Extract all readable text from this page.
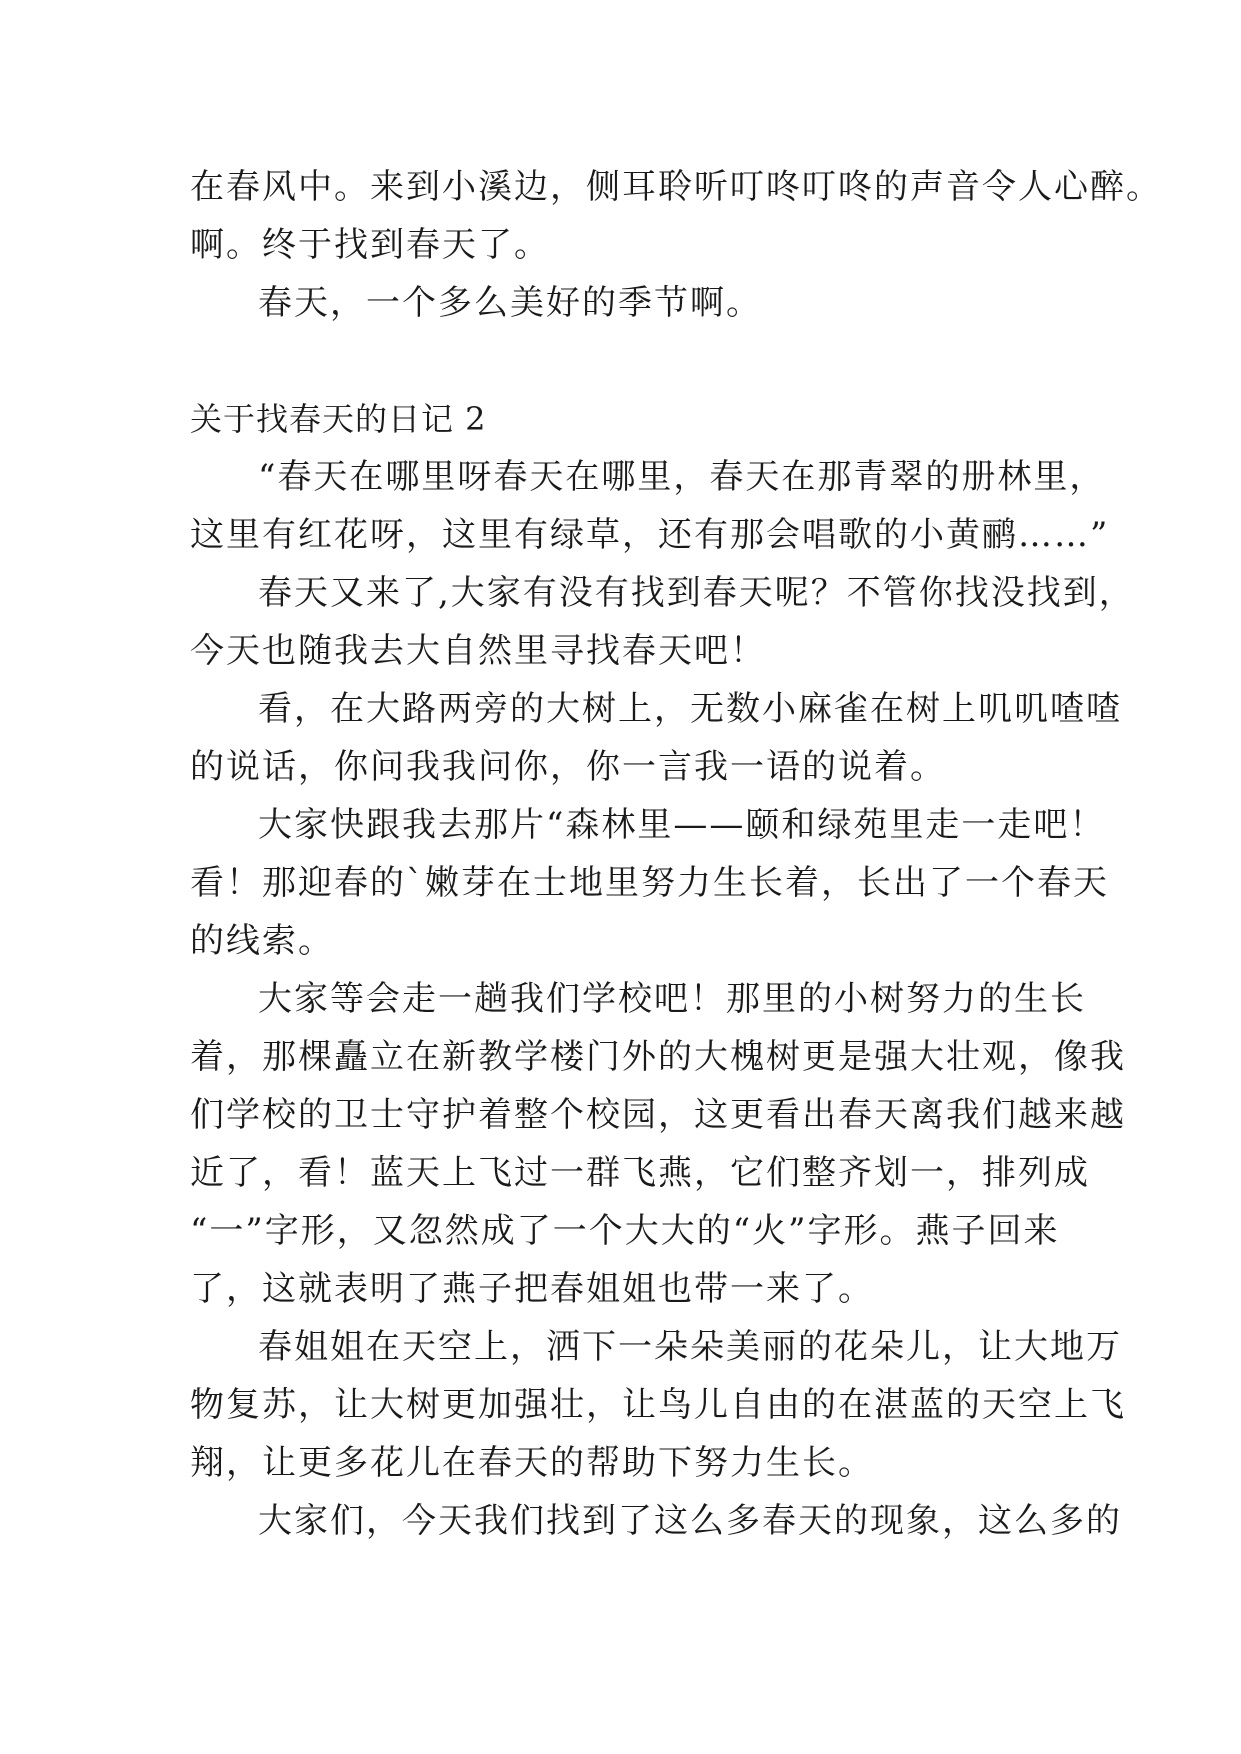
在春风中。来到小溪边，侧耳聆听叮咚叮咚的声音令人心醉。
啊。终于找到春天了。
春天，一个多么美好的季节啊。
关于找春天的日记 2
“春天在哪里呀春天在哪里，春天在那青翠的册林里，
这里有红花呀，这里有绿草，还有那会唱歌的小黄鹂……”
春天又来了,大家有没有找到春天呢？不管你找没找到，
今天也随我去大自然里寻找春天吧！
看，在大路两旁的大树上，无数小麻雀在树上叽叽喳喳
的说话，你问我我问你，你一言我一语的说着。
大家快跟我去那片“森林里——颐和绿苑里走一走吧！
看！那迎春的`嫩芽在士地里努力生长着，长出了一个春天
的线索。
大家等会走一趟我们学校吧！那里的小树努力的生长
着，那棵矗立在新教学楼门外的大槐树更是强大壮观，像我
们学校的卫士守护着整个校园，这更看出春天离我们越来越
近了，看！蓝天上飞过一群飞燕，它们整齐划一，排列成
“一”字形，又忽然成了一个大大的“火”字形。燕子回来
了，这就表明了燕子把春姐姐也带一来了。
春姐姐在天空上，洒下一朵朵美丽的花朵儿，让大地万
物复苏，让大树更加强壮，让鸟儿自由的在湛蓝的天空上飞
翔，让更多花儿在春天的帮助下努力生长。
大家们，今天我们找到了这么多春天的现象，这么多的
